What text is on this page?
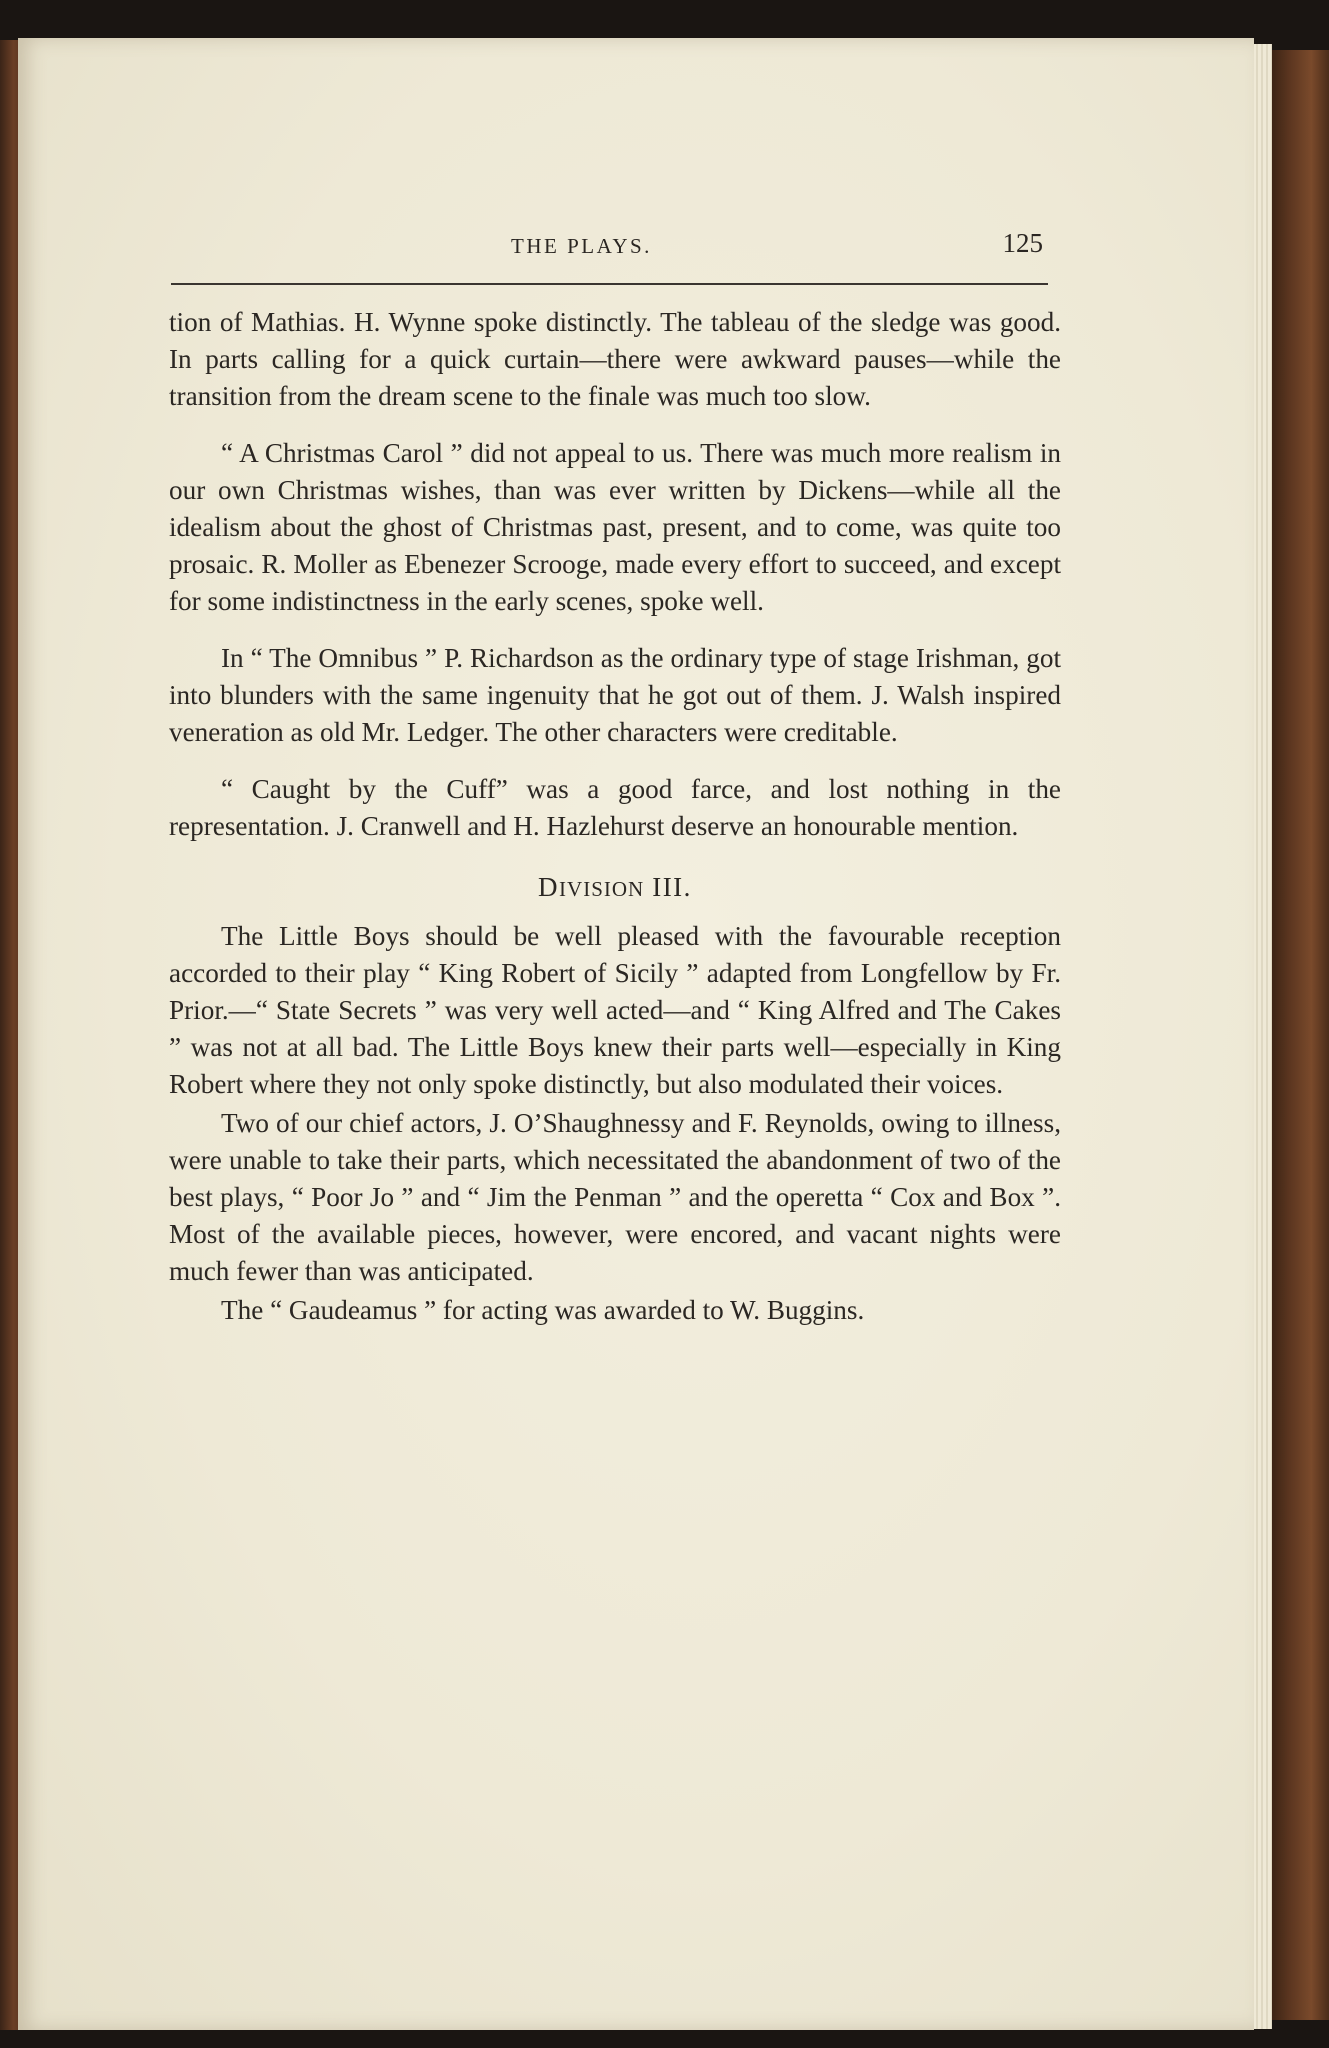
THE PLAYS.	125

tion of Mathias. H. Wynne spoke distinctly. The tableau of the sledge was good. In parts calling for a quick curtain—there were awkward pauses—while the transition from the dream scene to the finale was much too slow.

“ A Christmas Carol ” did not appeal to us. There was much more realism in our own Christmas wishes, than was ever written by Dickens—while all the idealism about the ghost of Christmas past, present, and to come, was quite too prosaic. R. Moller as Ebenezer Scrooge, made every effort to succeed, and except for some indistinctness in the early scenes, spoke well.

In “ The Omnibus ” P. Richardson as the ordinary type of stage Irishman, got into blunders with the same ingenuity that he got out of them. J. Walsh inspired veneration as old Mr. Ledger. The other characters were creditable.

“ Caught by the Cuff” was a good farce, and lost nothing in the representation. J. Cranwell and H. Hazlehurst deserve an honourable mention.

DIVISION III.

The Little Boys should be well pleased with the favourable reception accorded to their play “ King Robert of Sicily ” adapted from Longfellow by Fr. Prior.—“ State Secrets ” was very well acted—and “ King Alfred and The Cakes ” was not at all bad. The Little Boys knew their parts well—especially in King Robert where they not only spoke distinctly, but also modulated their voices.

Two of our chief actors, J. O’Shaughnessy and F. Reynolds, owing to illness, were unable to take their parts, which necessitated the abandonment of two of the best plays, “ Poor Jo ” and “ Jim the Penman ” and the operetta “ Cox and Box ”. Most of the available pieces, however, were encored, and vacant nights were much fewer than was anticipated.

The “ Gaudeamus ” for acting was awarded to W. Buggins.
